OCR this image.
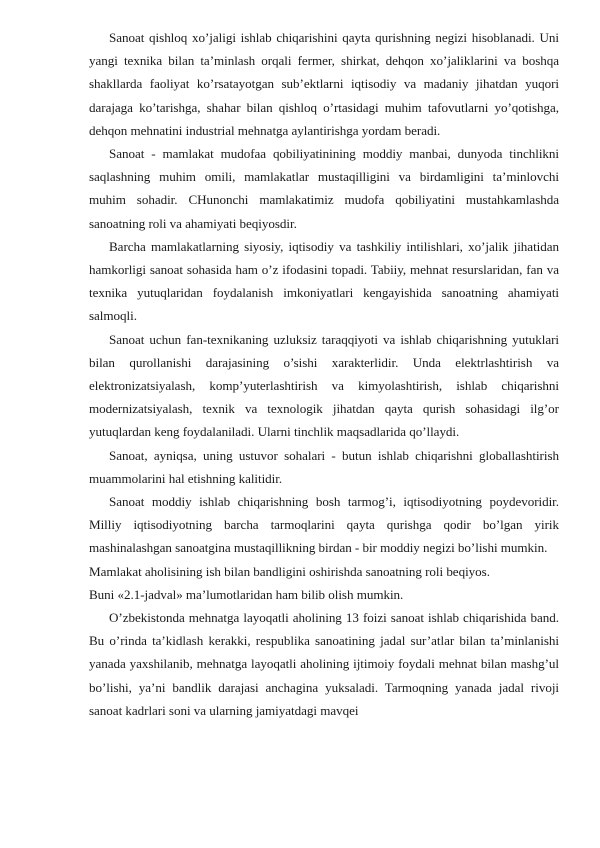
Sanoat qishloq xo’jaligi ishlab chiqarishini qayta qurishning negizi hisoblanadi. Uni yangi texnika bilan ta’minlash orqali fermer, shirkat, dehqon xo’jaliklarini va boshqa shakllarda faoliyat ko’rsatayotgan sub’ektlarni iqtisodiy va madaniy jihatdan yuqori darajaga ko’tarishga, shahar bilan qishloq o’rtasidagi muhim tafovutlarni yo’qotishga, dehqon mehnatini industrial mehnatga aylantirishga yordam beradi.

Sanoat - mamlakat mudofaa qobiliyatinining moddiy manbai, dunyoda tinchlikni saqlashning muhim omili, mamlakatlar mustaqilligini va birdamligini ta’minlovchi muhim sohadir. CHunonchi mamlakatimiz mudofa qobiliyatini mustahkamlashda sanoatning roli va ahamiyati beqiyosdir.

Barcha mamlakatlarning siyosiy, iqtisodiy va tashkiliy intilishlari, xo’jalik jihatidan hamkorligi sanoat sohasida ham o’z ifodasini topadi. Tabiiy, mehnat resurslaridan, fan va texnika yutuqlaridan foydalanish imkoniyatlari kengayishida sanoatning ahamiyati salmoqli.

Sanoat uchun fan-texnikaning uzluksiz taraqqiyoti va ishlab chiqarishning yutuklari bilan qurollanishi darajasining o’sishi xarakterlidir. Unda elektrlashtirish va elektronizatsiyalash, komp’yuterlashtirish va kimyolashtirish, ishlab chiqarishni modernizatsiyalash, texnik va texnologik jihatdan qayta qurish sohasidagi ilg’or yutuqlardan keng foydalaniladi. Ularni tinchlik maqsadlarida qo’llaydi.

Sanoat, ayniqsa, uning ustuvor sohalari - butun ishlab chiqarishni globallashtirish muammolarini hal etishning kalitidir.

Sanoat moddiy ishlab chiqarishning bosh tarmog’i, iqtisodiyotning poydevoridir. Milliy iqtisodiyotning barcha tarmoqlarini qayta qurishga qodir bo’lgan yirik mashinalashgan sanoatgina mustaqillikning birdan - bir moddiy negizi bo’lishi mumkin.

Mamlakat aholisining ish bilan bandligini oshirishda sanoatning roli beqiyos.

Buni «2.1-jadval» ma’lumotlaridan ham bilib olish mumkin.

O’zbekistonda mehnatga layoqatli aholining 13 foizi sanoat ishlab chiqarishida band. Bu o’rinda ta’kidlash kerakki, respublika sanoatining jadal sur’atlar bilan ta’minlanishi yanada yaxshilanib, mehnatga layoqatli aholining ijtimoiy foydali mehnat bilan mashg’ul bo’lishi, ya’ni bandlik darajasi anchagina yuksaladi. Tarmoqning yanada jadal rivoji sanoat kadrlari soni va ularning jamiyatdagi mavqei
